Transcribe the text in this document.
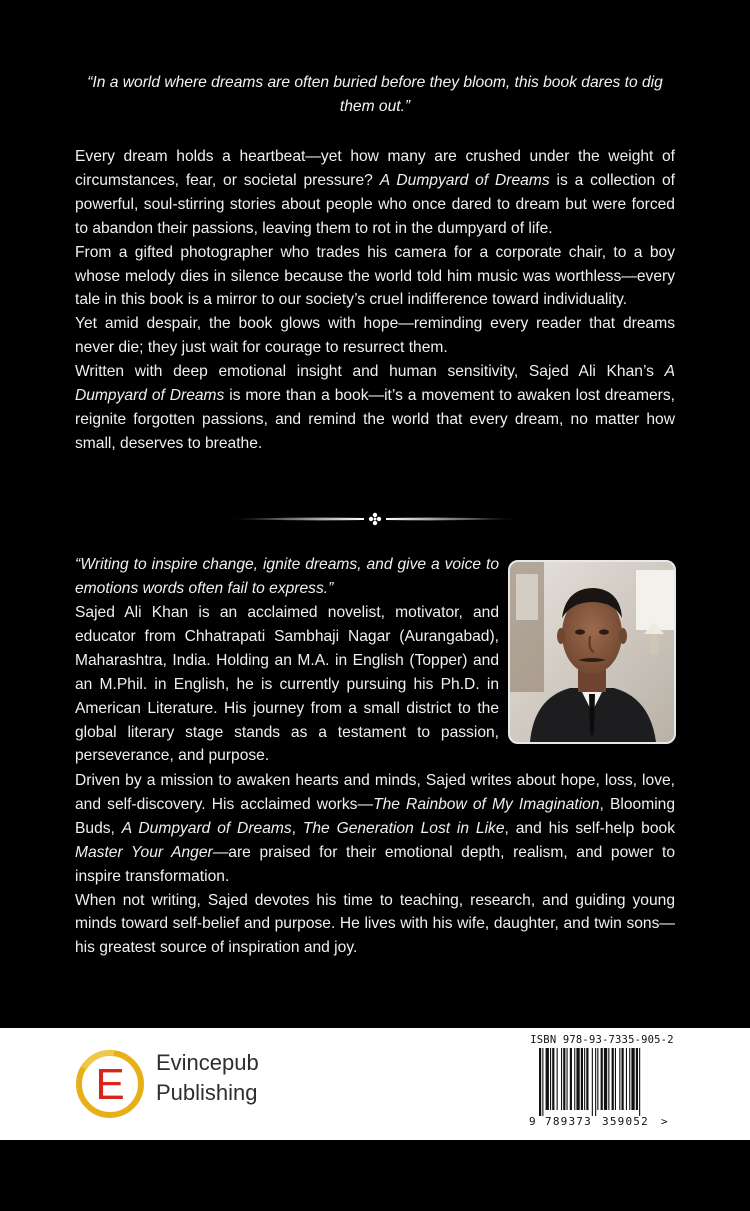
“In a world where dreams are often buried before they bloom, this book dares to dig them out.”

Every dream holds a heartbeat—yet how many are crushed under the weight of circumstances, fear, or societal pressure? A Dumpyard of Dreams is a collection of powerful, soul-stirring stories about people who once dared to dream but were forced to abandon their passions, leaving them to rot in the dumpyard of life.

From a gifted photographer who trades his camera for a corporate chair, to a boy whose melody dies in silence because the world told him music was worthless—every tale in this book is a mirror to our society’s cruel indifference toward individuality.

Yet amid despair, the book glows with hope—reminding every reader that dreams never die; they just wait for courage to resurrect them.

Written with deep emotional insight and human sensitivity, Sajed Ali Khan’s A Dumpyard of Dreams is more than a book—it’s a movement to awaken lost dreamers, reignite forgotten passions, and remind the world that every dream, no matter how small, deserves to breathe.

“Writing to inspire change, ignite dreams, and give a voice to emotions words often fail to express.”

Sajed Ali Khan is an acclaimed novelist, motivator, and educator from Chhatrapati Sambhaji Nagar (Aurangabad), Maharashtra, India. Holding an M.A. in English (Topper) and an M.Phil. in English, he is currently pursuing his Ph.D. in American Literature. His journey from a small district to the global literary stage stands as a testament to passion, perseverance, and purpose.

Driven by a mission to awaken hearts and minds, Sajed writes about hope, loss, love, and self-discovery. His acclaimed works—The Rainbow of My Imagination, Blooming Buds, A Dumpyard of Dreams, The Generation Lost in Like, and his self-help book Master Your Anger—are praised for their emotional depth, realism, and power to inspire transformation.

When not writing, Sajed devotes his time to teaching, research, and guiding young minds toward self-belief and purpose. He lives with his wife, daughter, and twin sons—his greatest source of inspiration and joy.

E Evincepub
Publishing
ISBN 978-93-7335-905-2
9 789373 359052 >
